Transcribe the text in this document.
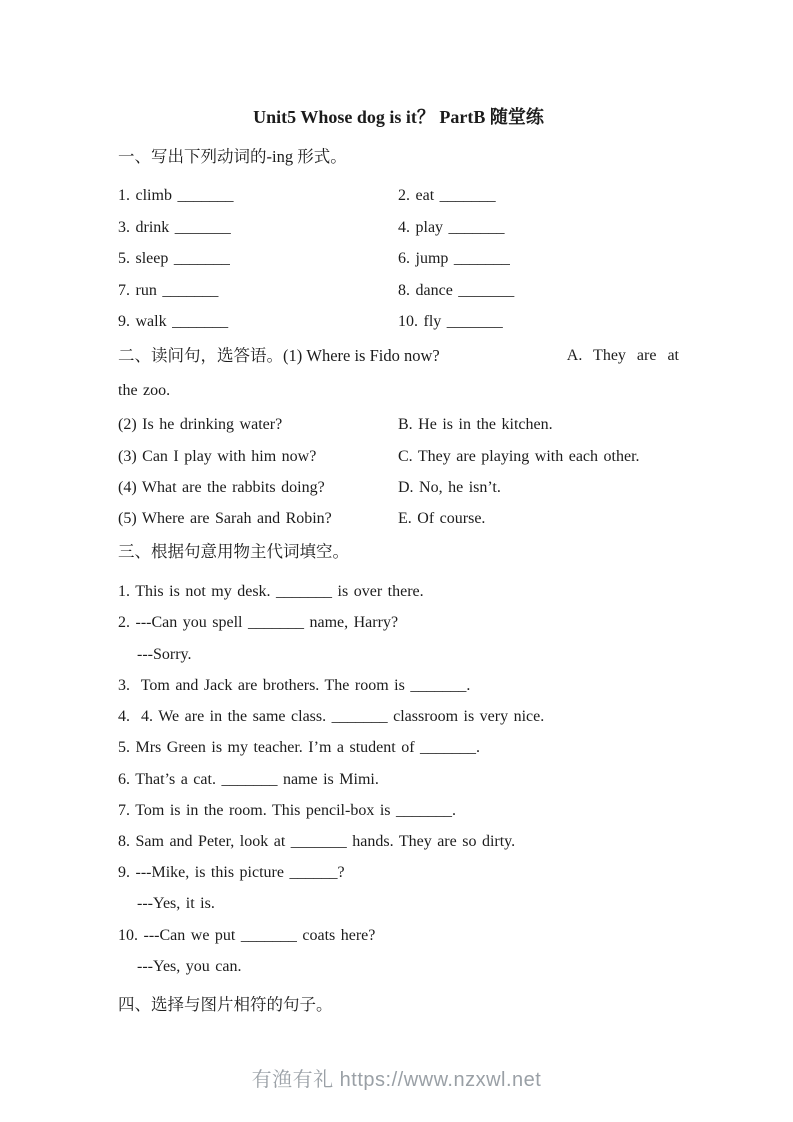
Unit5 Whose dog is it？ PartB 随堂练
一、写出下列动词的-ing 形式。
1. climb _______	2. eat _______
3. drink _______	4. play _______
5. sleep _______	6. jump _______
7. run _______	8. dance _______
9. walk _______	10. fly _______
二、读问句，选答语。(1) Where is Fido now?	A. They are at
the zoo.
(2) Is he drinking water?	B. He is in the kitchen.
(3) Can I play with him now?	C. They are playing with each other.
(4) What are the rabbits doing?	D. No, he isn’t.
(5) Where are Sarah and Robin?	E. Of course.
三、根据句意用物主代词填空。
1. This is not my desk. _______ is over there.
2. ---Can you spell _______ name, Harry?
---Sorry.
3.  Tom and Jack are brothers. The room is _______.
4.  4. We are in the same class. _______ classroom is very nice.
5. Mrs Green is my teacher. I’m a student of _______.
6. That’s a cat. _______ name is Mimi.
7. Tom is in the room. This pencil-box is _______.
8. Sam and Peter, look at _______ hands. They are so dirty.
9. ---Mike, is this picture ______?
---Yes, it is.
10. ---Can we put _______ coats here?
---Yes, you can.
四、选择与图片相符的句子。
有渔有礼 https://www.nzxwl.net
